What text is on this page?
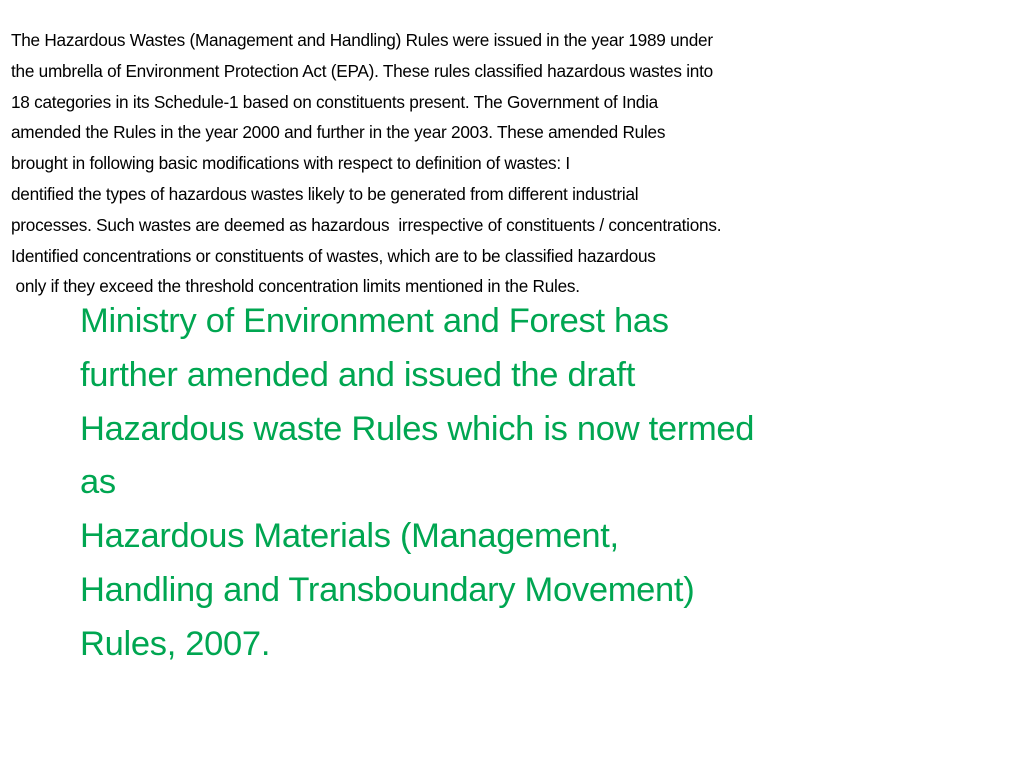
The Hazardous Wastes (Management and Handling) Rules were issued in the year 1989 under
the umbrella of Environment Protection Act (EPA). These rules classified hazardous wastes into
18 categories in its Schedule-1 based on constituents present. The Government of India
amended the Rules in the year 2000 and further in the year 2003. These amended Rules
brought in following basic modifications with respect to definition of wastes: I
dentified the types of hazardous wastes likely to be generated from different industrial
processes. Such wastes are deemed as hazardous  irrespective of constituents / concentrations.
Identified concentrations or constituents of wastes, which are to be classified hazardous
only if they exceed the threshold concentration limits mentioned in the Rules.
Ministry of Environment and Forest has
further amended and issued the draft
Hazardous waste Rules which is now termed
as
Hazardous Materials (Management,
Handling and Transboundary Movement)
Rules, 2007.
